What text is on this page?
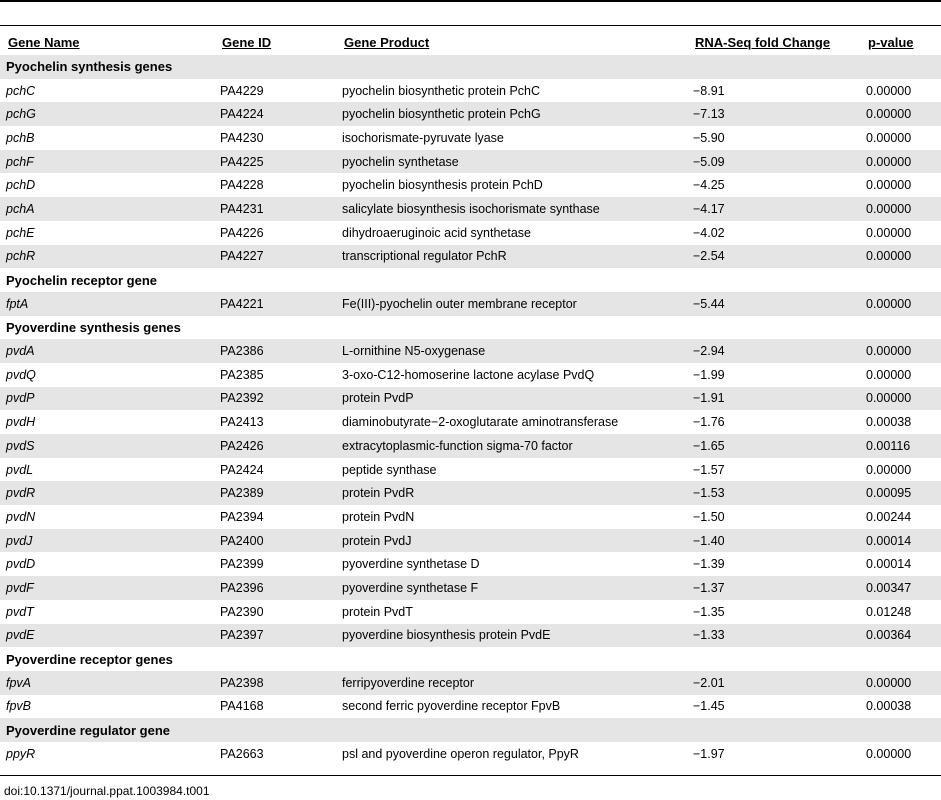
Gene Name	Gene ID	Gene Product	RNA-Seq fold Change	p-value
Pyochelin synthesis genes				
pchC	PA4229	pyochelin biosynthetic protein PchC	−8.91	0.00000
pchG	PA4224	pyochelin biosynthetic protein PchG	−7.13	0.00000
pchB	PA4230	isochorismate-pyruvate lyase	−5.90	0.00000
pchF	PA4225	pyochelin synthetase	−5.09	0.00000
pchD	PA4228	pyochelin biosynthesis protein PchD	−4.25	0.00000
pchA	PA4231	salicylate biosynthesis isochorismate synthase	−4.17	0.00000
pchE	PA4226	dihydroaeruginoic acid synthetase	−4.02	0.00000
pchR	PA4227	transcriptional regulator PchR	−2.54	0.00000
Pyochelin receptor gene				
fptA	PA4221	Fe(III)-pyochelin outer membrane receptor	−5.44	0.00000
Pyoverdine synthesis genes				
pvdA	PA2386	L-ornithine N5-oxygenase	−2.94	0.00000
pvdQ	PA2385	3-oxo-C12-homoserine lactone acylase PvdQ	−1.99	0.00000
pvdP	PA2392	protein PvdP	−1.91	0.00000
pvdH	PA2413	diaminobutyrate−2-oxoglutarate aminotransferase	−1.76	0.00038
pvdS	PA2426	extracytoplasmic-function sigma-70 factor	−1.65	0.00116
pvdL	PA2424	peptide synthase	−1.57	0.00000
pvdR	PA2389	protein PvdR	−1.53	0.00095
pvdN	PA2394	protein PvdN	−1.50	0.00244
pvdJ	PA2400	protein PvdJ	−1.40	0.00014
pvdD	PA2399	pyoverdine synthetase D	−1.39	0.00014
pvdF	PA2396	pyoverdine synthetase F	−1.37	0.00347
pvdT	PA2390	protein PvdT	−1.35	0.01248
pvdE	PA2397	pyoverdine biosynthesis protein PvdE	−1.33	0.00364
Pyoverdine receptor genes				
fpvA	PA2398	ferripyoverdine receptor	−2.01	0.00000
fpvB	PA4168	second ferric pyoverdine receptor FpvB	−1.45	0.00038
Pyoverdine regulator gene				
ppyR	PA2663	psl and pyoverdine operon regulator, PpyR	−1.97	0.00000
doi:10.1371/journal.ppat.1003984.t001
